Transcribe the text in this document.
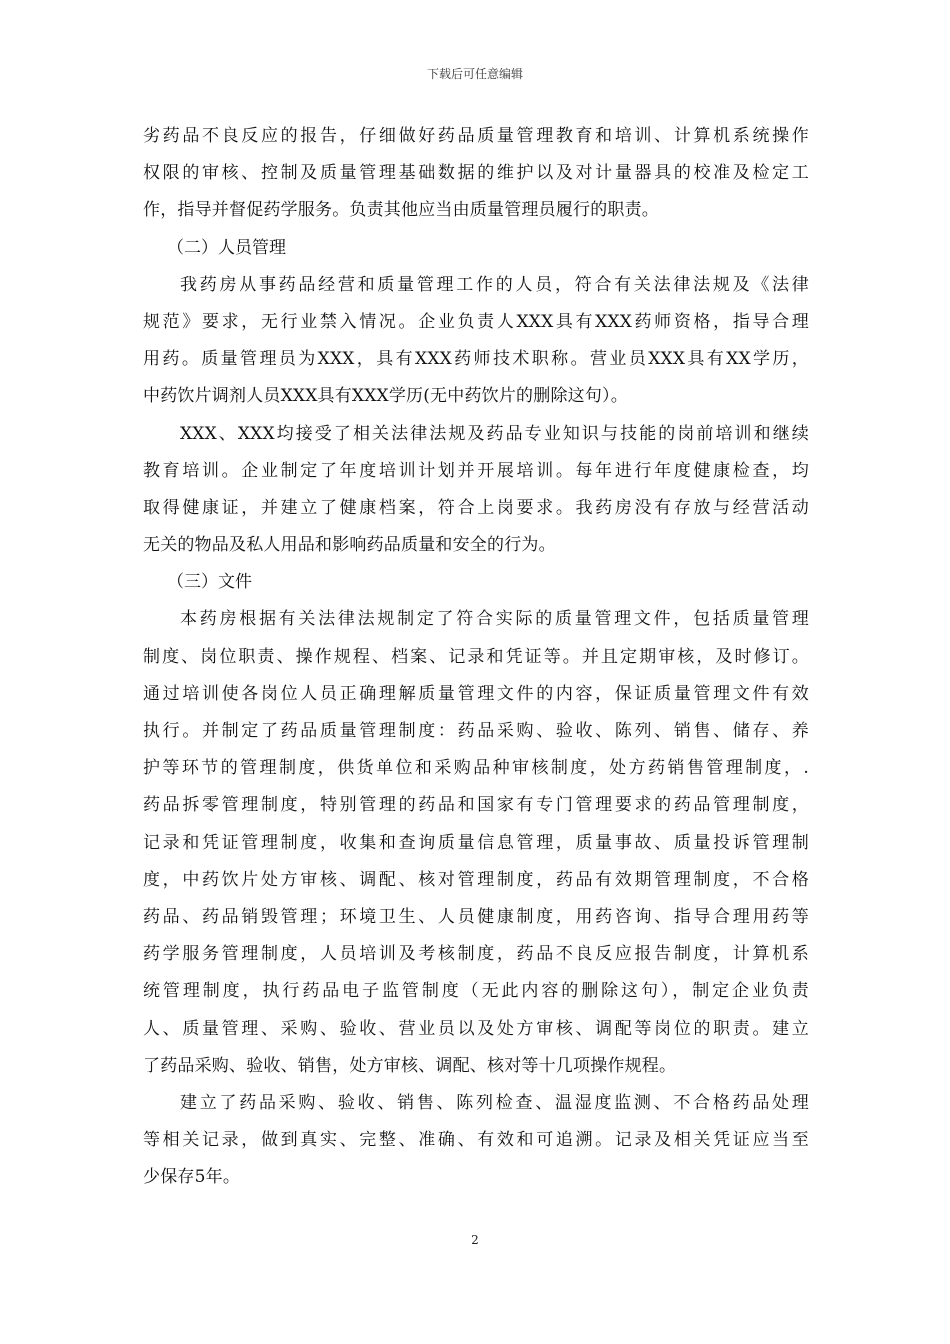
下载后可任意编辑
劣药品不良反应的报告，仔细做好药品质量管理教育和培训、计算机系统操作
权限的审核、控制及质量管理基础数据的维护以及对计量器具的校准及检定工
作，指导并督促药学服务。负责其他应当由质量管理员履行的职责。
（二）人员管理
我药房从事药品经营和质量管理工作的人员，符合有关法律法规及《法律
规范》要求，无行业禁入情况。企业负责人XXX具有XXX药师资格，指导合理
用药。质量管理员为XXX，具有XXX药师技术职称。营业员XXX具有XX学历，
中药饮片调剂人员XXX具有XXX学历(无中药饮片的删除这句）。
XXX、XXX均接受了相关法律法规及药品专业知识与技能的岗前培训和继续
教育培训。企业制定了年度培训计划并开展培训。每年进行年度健康检查，均
取得健康证，并建立了健康档案，符合上岗要求。我药房没有存放与经营活动
无关的物品及私人用品和影响药品质量和安全的行为。
（三）文件
本药房根据有关法律法规制定了符合实际的质量管理文件，包括质量管理
制度、岗位职责、操作规程、档案、记录和凭证等。并且定期审核，及时修订。
通过培训使各岗位人员正确理解质量管理文件的内容，保证质量管理文件有效
执行。并制定了药品质量管理制度：药品采购、验收、陈列、销售、储存、养
护等环节的管理制度，供货单位和采购品种审核制度，处方药销售管理制度，.
药品拆零管理制度，特别管理的药品和国家有专门管理要求的药品管理制度，
记录和凭证管理制度，收集和查询质量信息管理，质量事故、质量投诉管理制
度，中药饮片处方审核、调配、核对管理制度，药品有效期管理制度，不合格
药品、药品销毁管理；环境卫生、人员健康制度，用药咨询、指导合理用药等
药学服务管理制度，人员培训及考核制度，药品不良反应报告制度，计算机系
统管理制度，执行药品电子监管制度（无此内容的删除这句），制定企业负责
人、质量管理、采购、验收、营业员以及处方审核、调配等岗位的职责。建立
了药品采购、验收、销售，处方审核、调配、核对等十几项操作规程。
建立了药品采购、验收、销售、陈列检查、温湿度监测、不合格药品处理
等相关记录，做到真实、完整、准确、有效和可追溯。记录及相关凭证应当至
少保存5年。
2
